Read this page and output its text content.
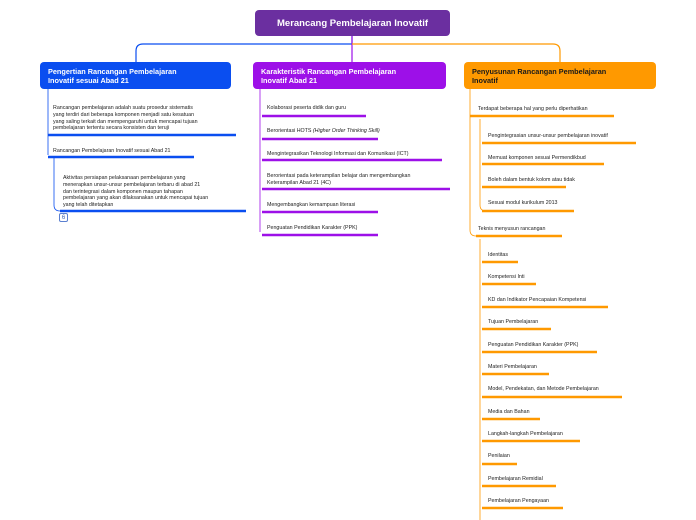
Merancang Pembelajaran Inovatif
Pengertian Rancangan Pembelajaran
Inovatif sesuai Abad 21
Karakteristik Rancangan Pembelajaran
Inovatif Abad 21
Penyusunan Rancangan Pembelajaran
Inovatif
Rancangan pembelajaran adalah suatu prosedur sistematis
yang terdiri dari beberapa komponen menjadi satu kesatuan
yang saling terkait dan mempengaruhi untuk mencapai tujuan
pembelajaran tertentu secara konsisten dan teruji
Rancangan Pembelajaran Inovatif sesuai Abad 21
Aktivitas persiapan pelaksanaan pembelajaran yang
menerapkan unsur-unsur pembelajaran terbaru di abad 21
dan terintegrasi dalam komponen maupun tahapan
pembelajaran yang akan dilaksanakan untuk mencapai tujuan
yang telah ditetapkan
6
Kolaborasi peserta didik dan guru
Berorientasi HOTS (Higher Order Thinking Skill)
Mengintegrasikan Teknologi Informasi dan Komunikasi (ICT)
Berorientasi pada keterampilan belajar dan mengembangkan
Keterampilan Abad 21 (4C)
Mengembangkan kemampuan literasi
Penguatan Pendidikan Karakter (PPK)
Terdapat beberapa hal yang perlu diperhatikan
Pengintegrasian unsur-unsur pembelajaran inovatif
Memuat komponen sesuai Permendikbud
Boleh dalam bentuk kolom atau tidak
Sesuai modul kurikulum 2013
Teknis menyusun rancangan
Identitas
Kompetensi Inti
KD dan Indikator Pencapaian Kompetensi
Tujuan Pembelajaran
Penguatan Pendidikan Karakter (PPK)
Materi Pembelajaran
Model, Pendekatan, dan Metode Pembelajaran
Media dan Bahan
Langkah-langkah Pembelajaran
Penilaian
Pembelajaran Remidial
Pembelajaran Pengayaan
